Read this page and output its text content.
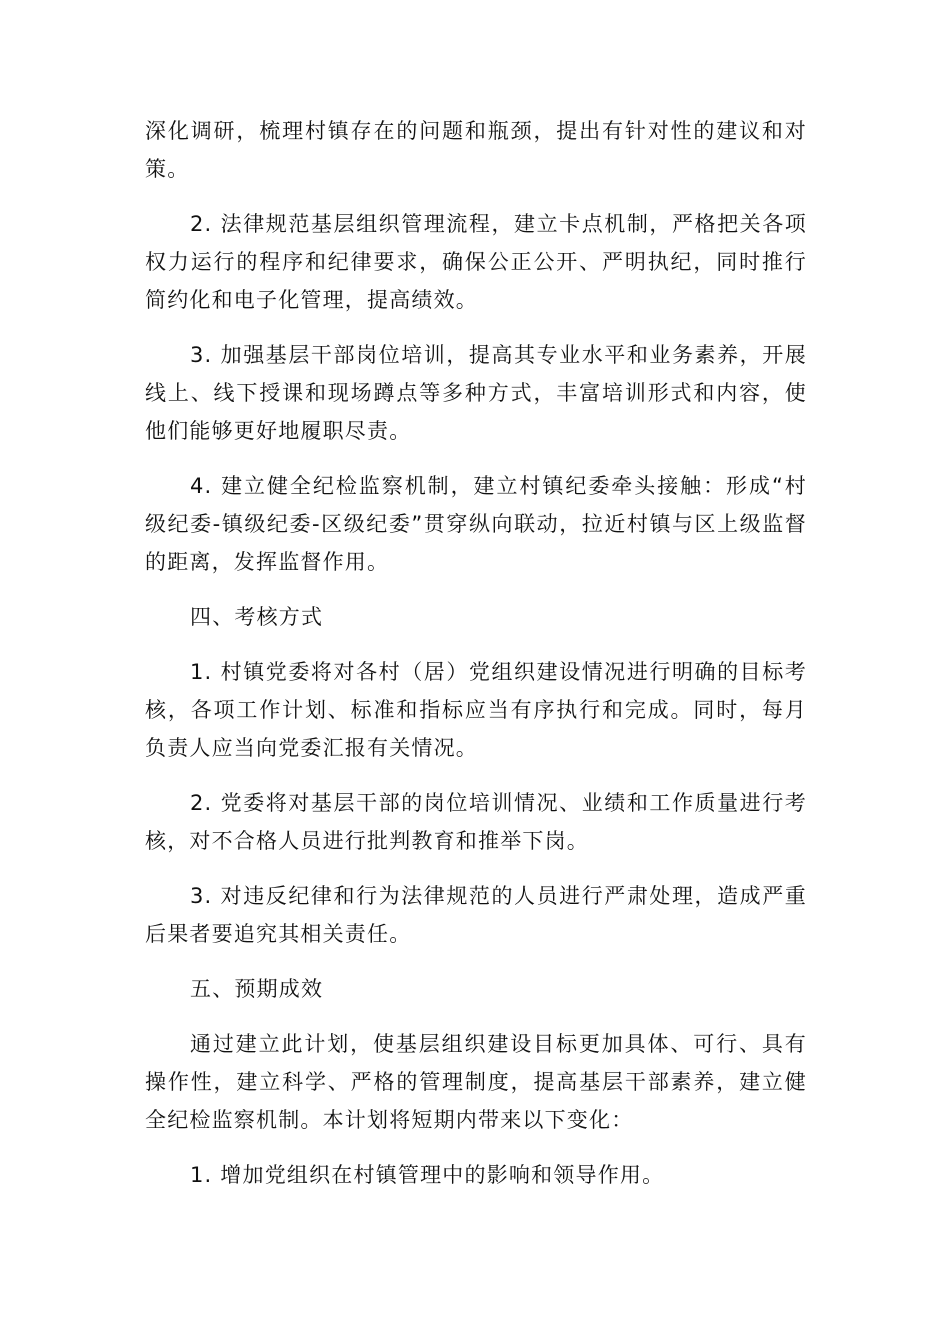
深化调研，梳理村镇存在的问题和瓶颈，提出有针对性的建议和对策。

2. 法律规范基层组织管理流程，建立卡点机制，严格把关各项权力运行的程序和纪律要求，确保公正公开、严明执纪，同时推行简约化和电子化管理，提高绩效。

3. 加强基层干部岗位培训，提高其专业水平和业务素养，开展线上、线下授课和现场蹲点等多种方式，丰富培训形式和内容，使他们能够更好地履职尽责。

4. 建立健全纪检监察机制，建立村镇纪委牵头接触：形成“村级纪委-镇级纪委-区级纪委”贯穿纵向联动，拉近村镇与区上级监督的距离，发挥监督作用。

四、考核方式

1. 村镇党委将对各村（居）党组织建设情况进行明确的目标考核，各项工作计划、标准和指标应当有序执行和完成。同时，每月负责人应当向党委汇报有关情况。

2. 党委将对基层干部的岗位培训情况、业绩和工作质量进行考核，对不合格人员进行批判教育和推举下岗。

3. 对违反纪律和行为法律规范的人员进行严肃处理，造成严重后果者要追究其相关责任。

五、预期成效

通过建立此计划，使基层组织建设目标更加具体、可行、具有操作性，建立科学、严格的管理制度，提高基层干部素养，建立健全纪检监察机制。本计划将短期内带来以下变化：

1. 增加党组织在村镇管理中的影响和领导作用。
